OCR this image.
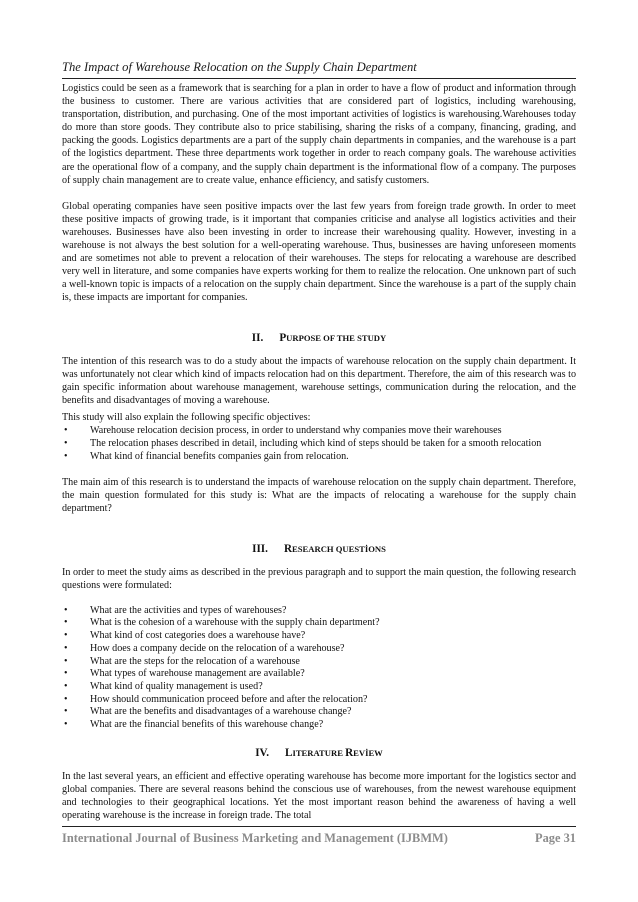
The Impact of Warehouse Relocation on the Supply Chain Department

Logistics could be seen as a framework that is searching for a plan in order to have a flow of product and information through the business to customer. There are various activities that are considered part of logistics, including warehousing, transportation, distribution, and purchasing. One of the most important activities of logistics is warehousing.Warehouses today do more than store goods. They contribute also to price stabilising, sharing the risks of a company, financing, grading, and packing the goods. Logistics departments are a part of the supply chain departments in companies, and the warehouse is a part of the logistics department. These three departments work together in order to reach company goals. The warehouse activities are the operational flow of a company, and the supply chain department is the informational flow of a company. The purposes of supply chain management are to create value, enhance efficiency, and satisfy customers.

Global operating companies have seen positive impacts over the last few years from foreign trade growth. In order to meet these positive impacts of growing trade, is it important that companies criticise and analyse all logistics activities and their warehouses. Businesses have also been investing in order to increase their warehousing quality. However, investing in a warehouse is not always the best solution for a well-operating warehouse. Thus, businesses are having unforeseen moments and are sometimes not able to prevent a relocation of their warehouses. The steps for relocating a warehouse are described very well in literature, and some companies have experts working for them to realize the relocation. One unknown part of such a well-known topic is impacts of a relocation on the supply chain department. Since the warehouse is a part of the supply chain is, these impacts are important for companies.

II. PURPOSE OF THE STUDY

The intention of this research was to do a study about the impacts of warehouse relocation on the supply chain department. It was unfortunately not clear which kind of impacts relocation had on this department. Therefore, the aim of this research was to gain specific information about warehouse management, warehouse settings, communication during the relocation, and the benefits and disadvantages of moving a warehouse.

This study will also explain the following specific objectives:

• Warehouse relocation decision process, in order to understand why companies move their warehouses
• The relocation phases described in detail, including which kind of steps should be taken for a smooth relocation
• What kind of financial benefits companies gain from relocation.

The main aim of this research is to understand the impacts of warehouse relocation on the supply chain department. Therefore, the main question formulated for this study is: What are the impacts of relocating a warehouse for the supply chain department?

III. RESEARCH QUESTİONS

In order to meet the study aims as described in the previous paragraph and to support the main question, the following research questions were formulated:

• What are the activities and types of warehouses?
• What is the cohesion of a warehouse with the supply chain department?
• What kind of cost categories does a warehouse have?
• How does a company decide on the relocation of a warehouse?
• What are the steps for the relocation of a warehouse
• What types of warehouse management are available?
• What kind of quality management is used?
• How should communication proceed before and after the relocation?
• What are the benefits and disadvantages of a warehouse change?
• What are the financial benefits of this warehouse change?
IV. LITERATURE REVİEW

In the last several years, an efficient and effective operating warehouse has become more important for the logistics sector and global companies. There are several reasons behind the conscious use of warehouses, from the newest warehouse equipment and technologies to their geographical locations. Yet the most important reason behind the awareness of having a well operating warehouse is the increase in foreign trade. The total

International Journal of Business Marketing and Management (IJBMM)	Page 31
